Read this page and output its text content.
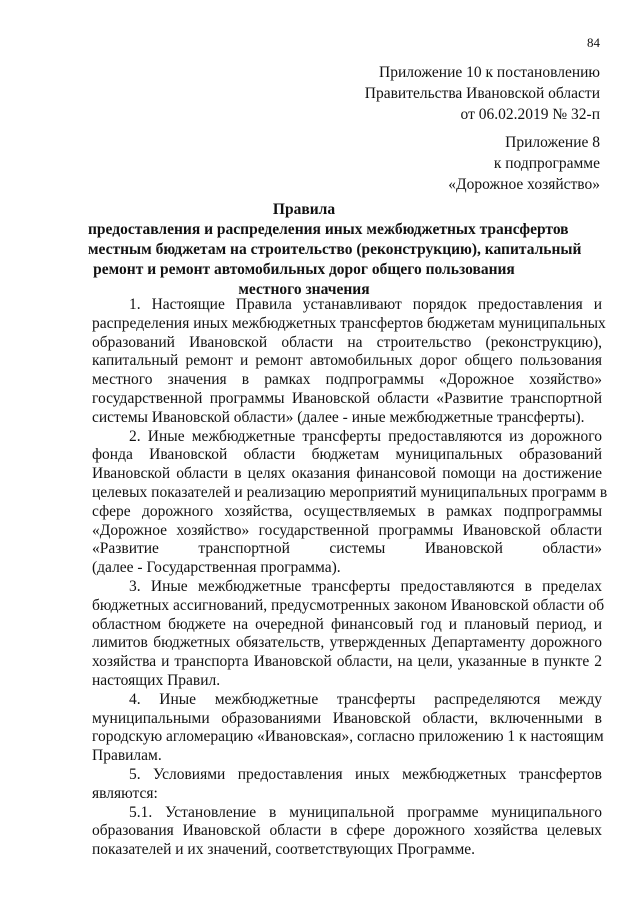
84
Приложение 10 к постановлению
Правительства Ивановской области
от 06.02.2019 № 32-п
Приложение 8
к подпрограмме
«Дорожное хозяйство»
Правила
предоставления и распределения иных межбюджетных трансфертов
местным бюджетам на строительство (реконструкцию), капитальный
ремонт и ремонт автомобильных дорог общего пользования
местного значения
1. Настоящие Правила устанавливают порядок предоставления и
распределения иных межбюджетных трансфертов бюджетам муниципальных
образований Ивановской области на строительство (реконструкцию),
капитальный ремонт и ремонт автомобильных дорог общего пользования
местного значения в рамках подпрограммы «Дорожное хозяйство»
государственной программы Ивановской области «Развитие транспортной
системы Ивановской области» (далее - иные межбюджетные трансферты).
2. Иные межбюджетные трансферты предоставляются из дорожного
фонда Ивановской области бюджетам муниципальных образований
Ивановской области в целях оказания финансовой помощи на достижение
целевых показателей и реализацию мероприятий муниципальных программ в
сфере дорожного хозяйства, осуществляемых в рамках подпрограммы
«Дорожное хозяйство» государственной программы Ивановской области
«Развитие транспортной системы Ивановской области»
(далее - Государственная программа).
3. Иные межбюджетные трансферты предоставляются в пределах
бюджетных ассигнований, предусмотренных законом Ивановской области об
областном бюджете на очередной финансовый год и плановый период, и
лимитов бюджетных обязательств, утвержденных Департаменту дорожного
хозяйства и транспорта Ивановской области, на цели, указанные в пункте 2
настоящих Правил.
4. Иные межбюджетные трансферты распределяются между
муниципальными образованиями Ивановской области, включенными в
городскую агломерацию «Ивановская», согласно приложению 1 к настоящим
Правилам.
5. Условиями предоставления иных межбюджетных трансфертов
являются:
5.1. Установление в муниципальной программе муниципального
образования Ивановской области в сфере дорожного хозяйства целевых
показателей и их значений, соответствующих Программе.
